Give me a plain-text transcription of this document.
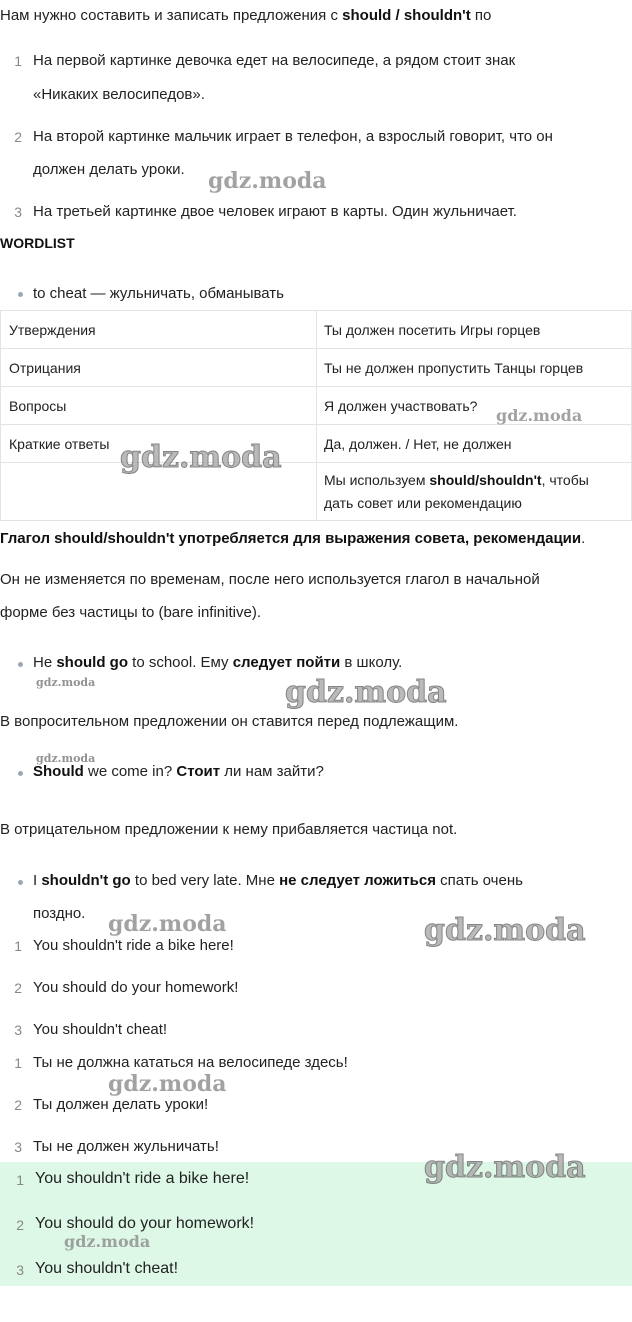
Нам нужно составить и записать предложения с should / shouldn't по
1 На первой картинке девочка едет на велосипеде, а рядом стоит знак
«Никаких велосипедов».
2 На второй картинке мальчик играет в телефон, а взрослый говорит, что он
должен делать уроки.
3 На третьей картинке двое человек играют в карты. Один жульничает.
WORDLIST
to cheat — жульничать, обманывать
Утверждения	Ты должен посетить Игры горцев
Отрицания	Ты не должен пропустить Танцы горцев
Вопросы	Я должен участвовать?
Краткие ответы	Да, должен. / Нет, не должен
	Мы используем should/shouldn't, чтобы
дать совет или рекомендацию
Глагол should/shouldn't употребляется для выражения совета, рекомендации.
Он не изменяется по временам, после него используется глагол в начальной
форме без частицы to (bare infinitive).
He should go to school. Ему следует пойти в школу.
В вопросительном предложении он ставится перед подлежащим.
Should we come in? Стоит ли нам зайти?
В отрицательном предложении к нему прибавляется частица not.
I shouldn't go to bed very late. Мне не следует ложиться спать очень
поздно.
1 You shouldn't ride a bike here!
2 You should do your homework!
3 You shouldn't cheat!
1 Ты не должна кататься на велосипеде здесь!
2 Ты должен делать уроки!
3 Ты не должен жульничать!
1 You shouldn't ride a bike here!
2 You should do your homework!
3 You shouldn't cheat!
gdz.moda
gdz.moda
gdz.moda
gdz.moda	gdz.moda
gdz.moda
gdz.moda	gdz.moda
gdz.moda
gdz.moda
gdz.moda
